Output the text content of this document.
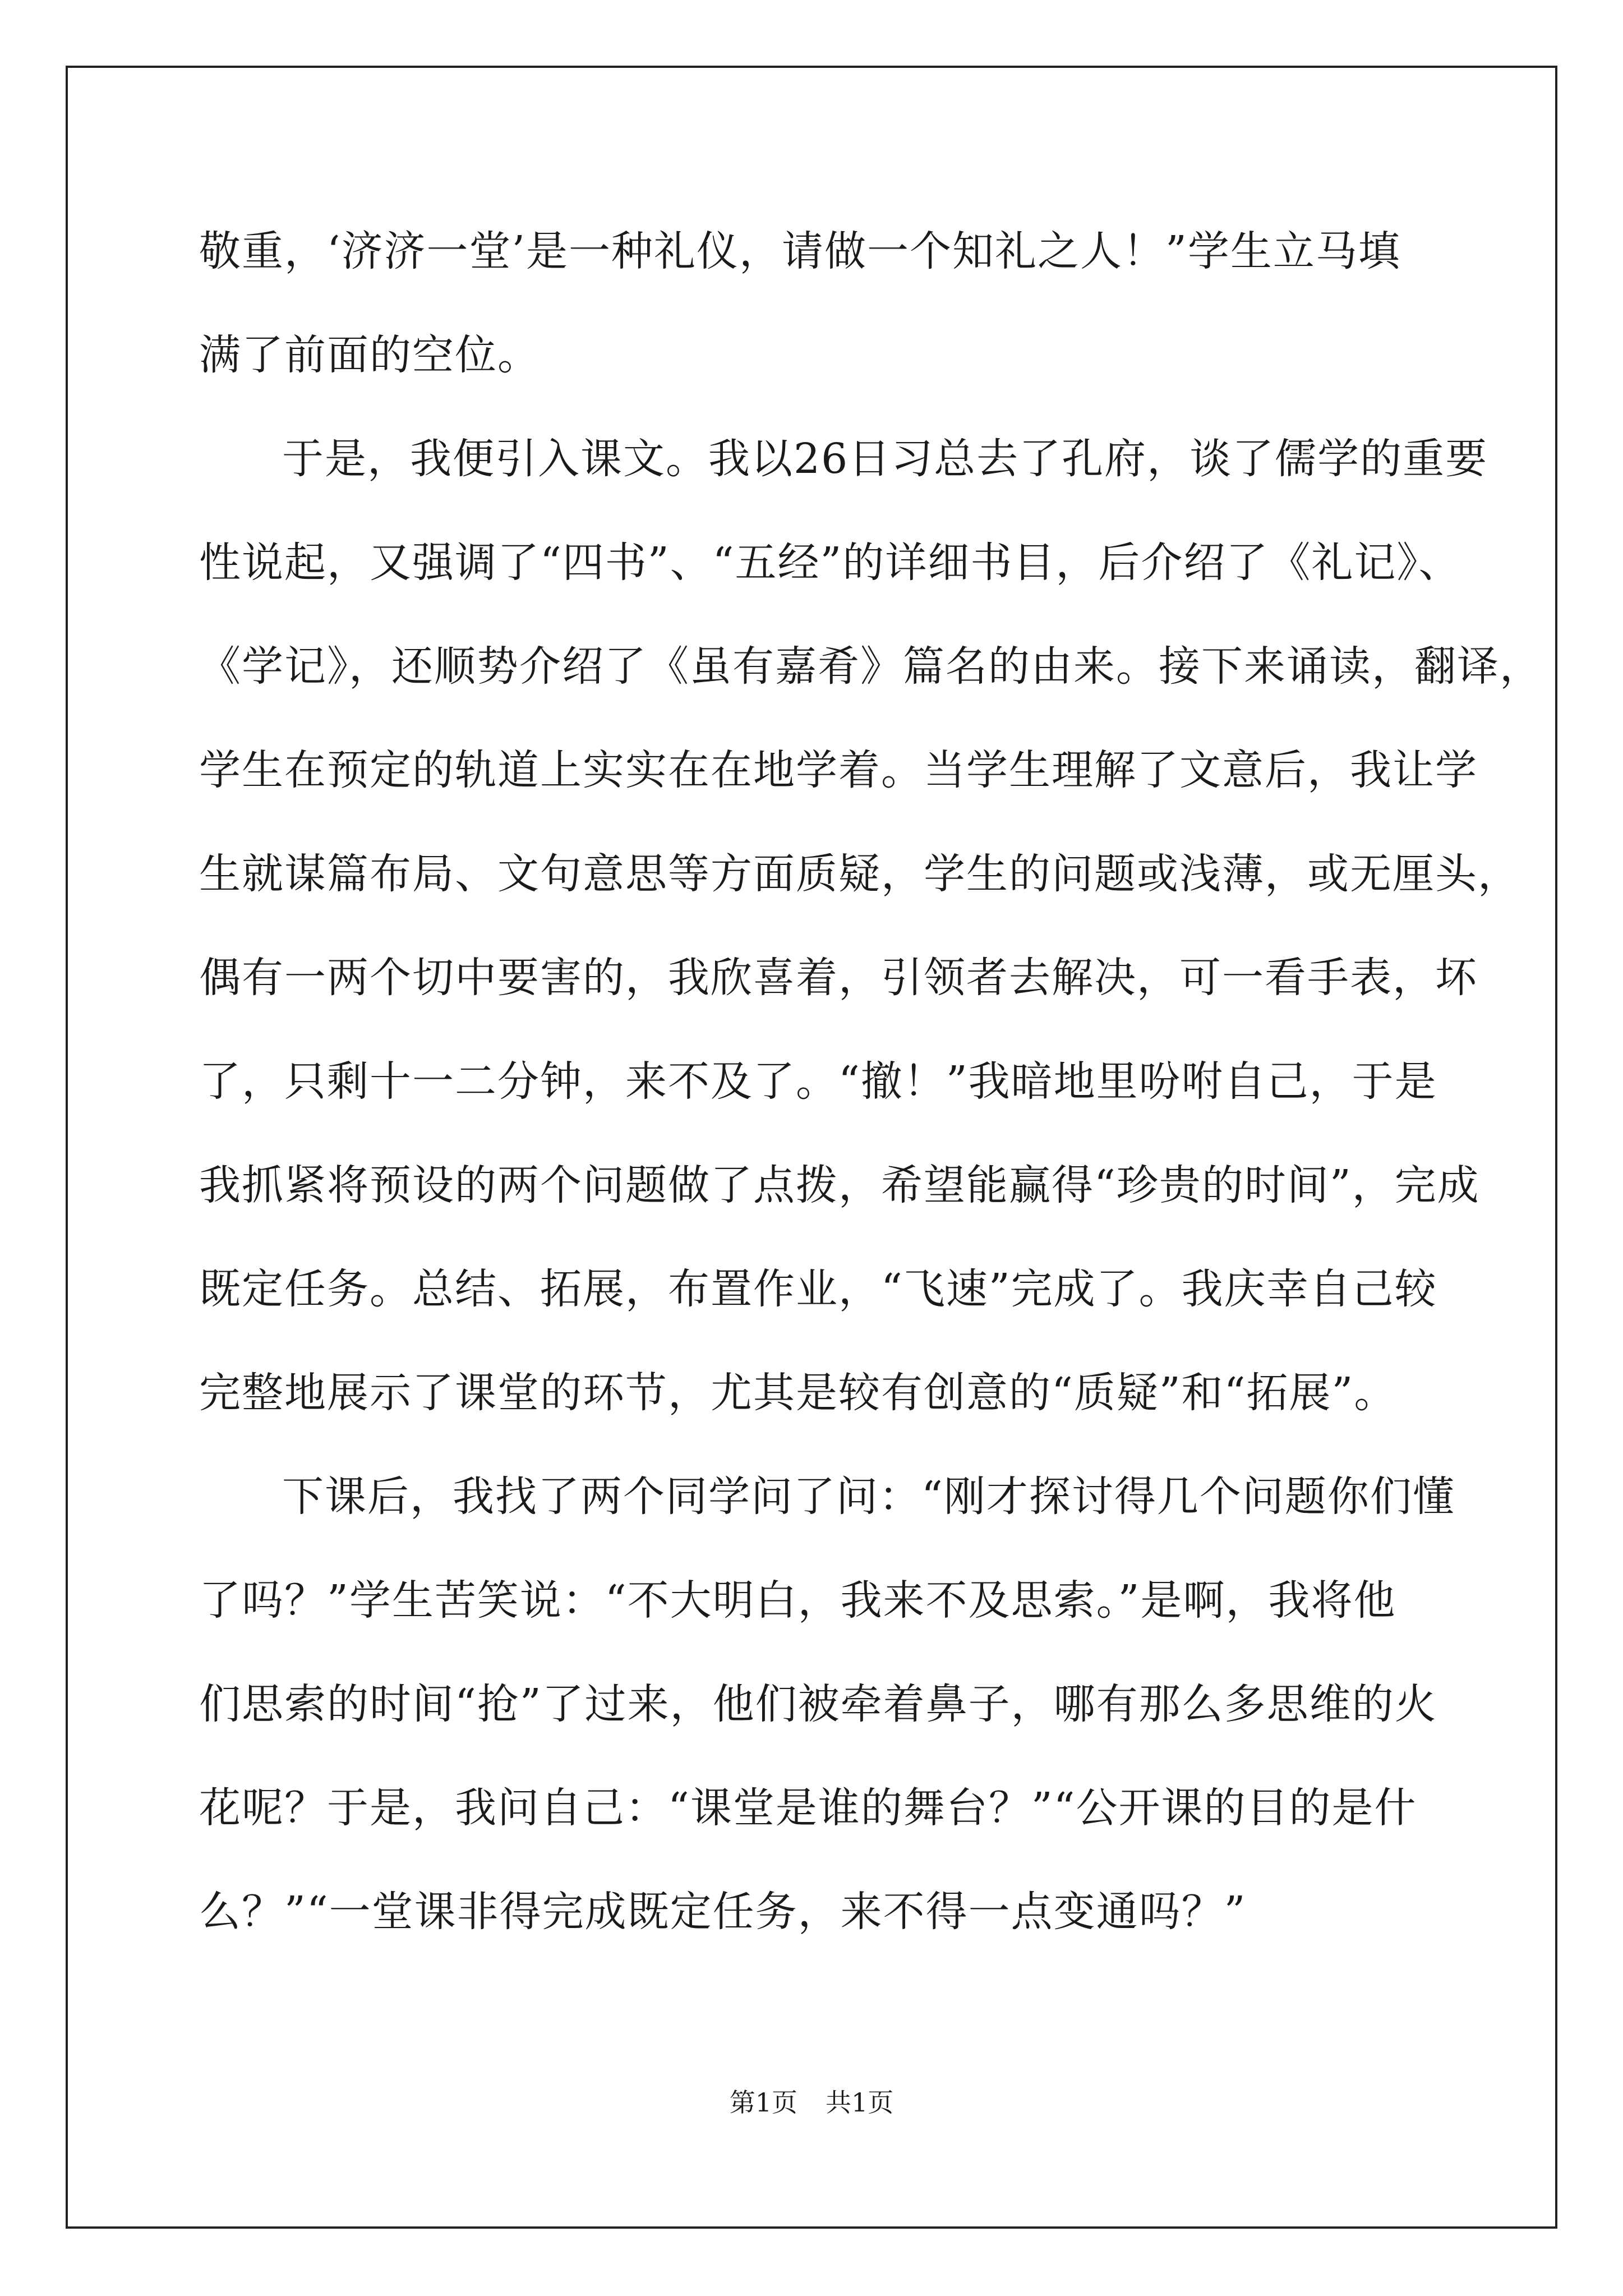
敬重，‘济济一堂’是一种礼仪，请做一个知礼之人！”学生立马填
满了前面的空位。
于是，我便引入课文。我以26日习总去了孔府，谈了儒学的重要
性说起，又强调了“四书”、“五经”的详细书目，后介绍了《礼记》、
《学记》，还顺势介绍了《虽有嘉肴》篇名的由来。接下来诵读，翻译，
学生在预定的轨道上实实在在地学着。当学生理解了文意后，我让学
生就谋篇布局、文句意思等方面质疑，学生的问题或浅薄，或无厘头，
偶有一两个切中要害的，我欣喜着，引领者去解决，可一看手表，坏
了，只剩十一二分钟，来不及了。“撤！”我暗地里吩咐自己，于是
我抓紧将预设的两个问题做了点拨，希望能赢得“珍贵的时间”，完成
既定任务。总结、拓展，布置作业，“飞速”完成了。我庆幸自己较
完整地展示了课堂的环节，尤其是较有创意的“质疑”和“拓展”。
下课后，我找了两个同学问了问：“刚才探讨得几个问题你们懂
了吗？”学生苦笑说：“不大明白，我来不及思索。”是啊，我将他
们思索的时间“抢”了过来，他们被牵着鼻子，哪有那么多思维的火
花呢？于是，我问自己：“课堂是谁的舞台？”“公开课的目的是什
么？”“一堂课非得完成既定任务，来不得一点变通吗？”
第1页 共1页
